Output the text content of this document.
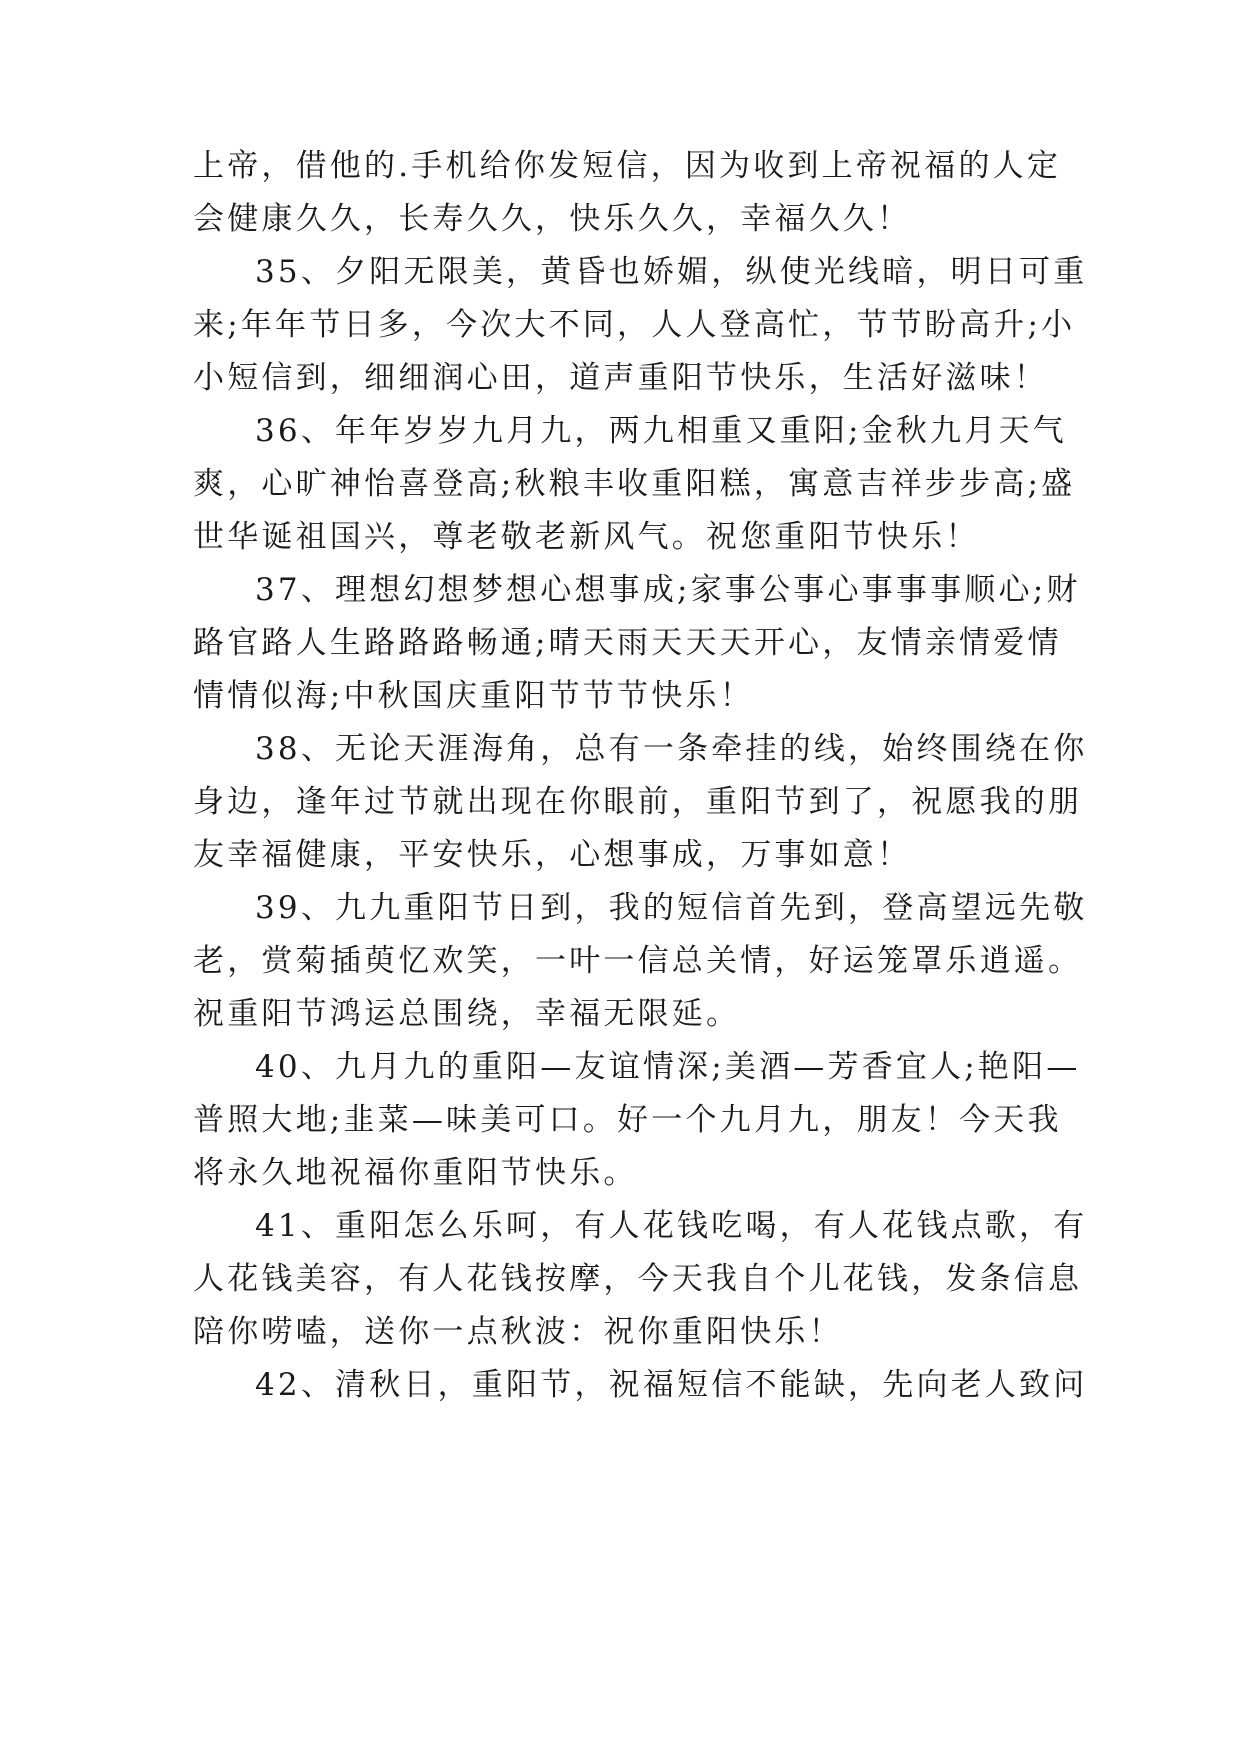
上帝，借他的.手机给你发短信，因为收到上帝祝福的人定
会健康久久，长寿久久，快乐久久，幸福久久！
35、夕阳无限美，黄昏也娇媚，纵使光线暗，明日可重
来;年年节日多，今次大不同，人人登高忙，节节盼高升;小
小短信到，细细润心田，道声重阳节快乐，生活好滋味！
36、年年岁岁九月九，两九相重又重阳;金秋九月天气
爽，心旷神怡喜登高;秋粮丰收重阳糕，寓意吉祥步步高;盛
世华诞祖国兴，尊老敬老新风气。祝您重阳节快乐！
37、理想幻想梦想心想事成;家事公事心事事事顺心;财
路官路人生路路路畅通;晴天雨天天天开心，友情亲情爱情
情情似海;中秋国庆重阳节节节快乐！
38、无论天涯海角，总有一条牵挂的线，始终围绕在你
身边，逢年过节就出现在你眼前，重阳节到了，祝愿我的朋
友幸福健康，平安快乐，心想事成，万事如意！
39、九九重阳节日到，我的短信首先到，登高望远先敬
老，赏菊插萸忆欢笑，一叶一信总关情，好运笼罩乐逍遥。
祝重阳节鸿运总围绕，幸福无限延。
40、九月九的重阳—友谊情深;美酒—芳香宜人;艳阳—
普照大地;韭菜—味美可口。好一个九月九，朋友！今天我
将永久地祝福你重阳节快乐。
41、重阳怎么乐呵，有人花钱吃喝，有人花钱点歌，有
人花钱美容，有人花钱按摩，今天我自个儿花钱，发条信息
陪你唠嗑，送你一点秋波：祝你重阳快乐！
42、清秋日，重阳节，祝福短信不能缺，先向老人致问
